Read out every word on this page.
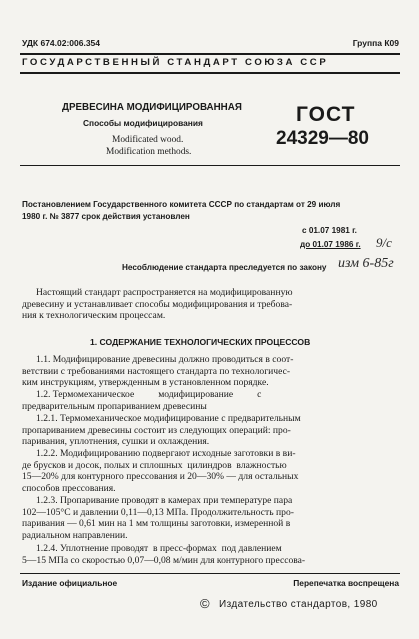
УДК 674.02:006.354	Группа К09
ГОСУДАРСТВЕННЫЙ СТАНДАРТ СОЮЗА ССР
ДРЕВЕСИНА МОДИФИЦИРОВАННАЯ
Способы модифицирования
Modificated wood.
Modification methods.
ГОСТ
24329—80
Постановлением Государственного комитета СССР по стандартам от 29 июля
1980 г. № 3877 срок действия установлен
с 01.07 1981 г.
до 01.07 1986 г. 9/с
Несоблюдение стандарта преследуется по закону изм 6-85г
Настоящий стандарт распространяется на модифицированную
древесину и устанавливает способы модифицирования и требова-
ния к технологическим процессам.
1. СОДЕРЖАНИЕ ТЕХНОЛОГИЧЕСКИХ ПРОЦЕССОВ
1.1. Модифицирование древесины должно проводиться в соот-
ветствии с требованиями настоящего стандарта по технологичес-
ким инструкциям, утвержденным в установленном порядке.
1.2. Термомеханическое          модифицирование          с
предварительным пропариванием древесины
1.2.1. Термомеханическое модифицирование с предварительным
пропариванием древесины состоит из следующих операций: про-
паривания, уплотнения, сушки и охлаждения.
1.2.2. Модифицированию подвергают исходные заготовки в ви-
де брусков и досок, полых и сплошных  цилиндров  влажностью
15—20% для контурного прессования и 20—30% — для остальных
способов прессования.
1.2.3. Пропаривание проводят в камерах при температуре пара
102—105°С и давлении 0,11—0,13 МПа. Продолжительность про-
паривания — 0,61 мин на 1 мм толщины заготовки, измеренной в
радиальном направлении.
1.2.4. Уплотнение проводят  в пресс-формах  под давлением
5—15 МПа со скоростью 0,07—0,08 м/мин для контурного прессова-
Издание официальное	Перепечатка воспрещена
© Издательство стандартов, 1980
